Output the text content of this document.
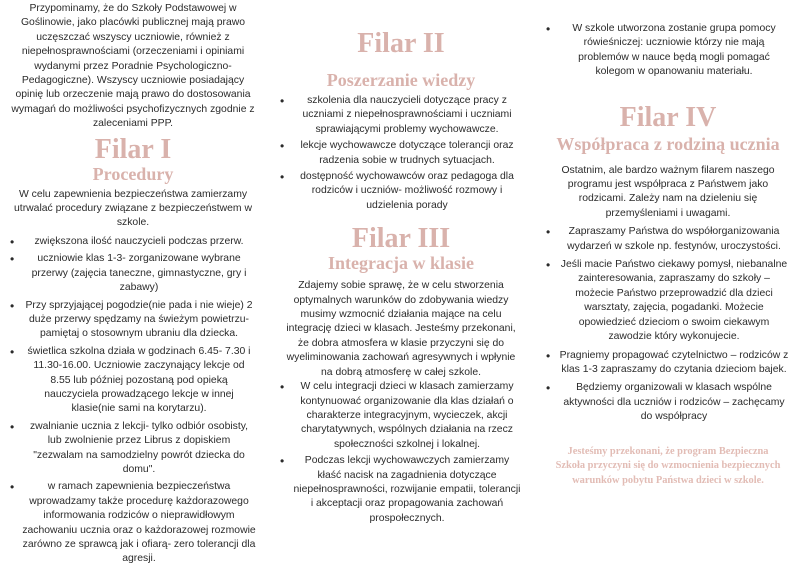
Przypominamy, że do Szkoły Podstawowej w Goślinowie, jako placówki publicznej mają prawo uczęszczać wszyscy uczniowie, również z niepełnosprawnościami (orzeczeniami i opiniami wydanymi przez Poradnie Psychologiczno-Pedagogiczne). Wszyscy uczniowie posiadający opinię lub orzeczenie mają prawo do dostosowania wymagań do możliwości psychofizycznych zgodnie z zaleceniami PPP.

Filar I
Procedury

W celu zapewnienia bezpieczeństwa zamierzamy utrwalać procedury związane z bezpieczeństwem w szkole.

• zwiększona ilość nauczycieli podczas przerw.
• uczniowie klas 1-3- zorganizowane wybrane przerwy (zajęcia taneczne, gimnastyczne, gry i zabawy)
• Przy sprzyjającej pogodzie(nie pada i nie wieje) 2 duże przerwy spędzamy na świeżym powietrzu- pamiętaj o stosownym ubraniu dla dziecka.
• świetlica szkolna działa w godzinach 6.45- 7.30 i 11.30-16.00. Uczniowie zaczynający lekcje od 8.55 lub później pozostaną pod opieką nauczyciela prowadzącego lekcje w innej klasie(nie sami na korytarzu).
• zwalnianie ucznia z lekcji- tylko odbiór osobisty, lub zwolnienie przez Librus z dopiskiem "zezwalam na samodzielny powrót dziecka do domu".
• w ramach zapewnienia bezpieczeństwa wprowadzamy także procedurę każdorazowego informowania rodziców o nieprawidłowym zachowaniu ucznia oraz o każdorazowej rozmowie zarówno ze sprawcą jak i ofiarą- zero tolerancji dla agresji.
Filar II
Poszerzanie wiedzy
• szkolenia dla nauczycieli dotyczące pracy z uczniami z niepełnosprawnościami i uczniami sprawiającymi problemy wychowawcze.
• lekcje wychowawcze dotyczące tolerancji oraz radzenia sobie w trudnych sytuacjach.
• dostępność wychowawców oraz pedagoga dla rodziców i uczniów- możliwość rozmowy i udzielenia porady
Filar III
Integracja w klasie

Zdajemy sobie sprawę, że w celu stworzenia optymalnych warunków do zdobywania wiedzy musimy wzmocnić działania mające na celu integrację dzieci w klasach. Jesteśmy przekonani, że dobra atmosfera w klasie przyczyni się do wyeliminowania zachowań agresywnych i wpłynie na dobrą atmosferę w całej szkole.

• W celu integracji dzieci w klasach zamierzamy kontynuować organizowanie dla klas działań o charakterze integracyjnym, wycieczek, akcji charytatywnych, wspólnych działania na rzecz społeczności szkolnej i lokalnej.
• Podczas lekcji wychowawczych zamierzamy kłaść nacisk na zagadnienia dotyczące niepełnosprawności, rozwijanie empatii, tolerancji i akceptacji oraz propagowania zachowań prospołecznych.
• W szkole utworzona zostanie grupa pomocy rówieśniczej: uczniowie którzy nie mają problemów w nauce będą mogli pomagać kolegom w opanowaniu materiału.
Filar IV
Współpraca z rodziną ucznia

Ostatnim, ale bardzo ważnym filarem naszego programu jest współpraca z Państwem jako rodzicami. Zależy nam na dzieleniu się przemyśleniami i uwagami.

• Zapraszamy Państwa do współorganizowania wydarzeń w szkole np. festynów, uroczystości.
• Jeśli macie Państwo ciekawy pomysł, niebanalne zainteresowania, zapraszamy do szkoły – możecie Państwo przeprowadzić dla dzieci warsztaty, zajęcia, pogadanki. Możecie opowiedzieć dzieciom o swoim ciekawym zawodzie który wykonujecie.
• Pragniemy propagować czytelnictwo – rodziców z klas 1-3 zapraszamy do czytania dzieciom bajek.
• Będziemy organizowali w klasach wspólne aktywności dla uczniów i rodziców – zachęcamy do współpracy

Jesteśmy przekonani, że program Bezpieczna Szkoła przyczyni się do wzmocnienia bezpiecznych warunków pobytu Państwa dzieci w szkole.
